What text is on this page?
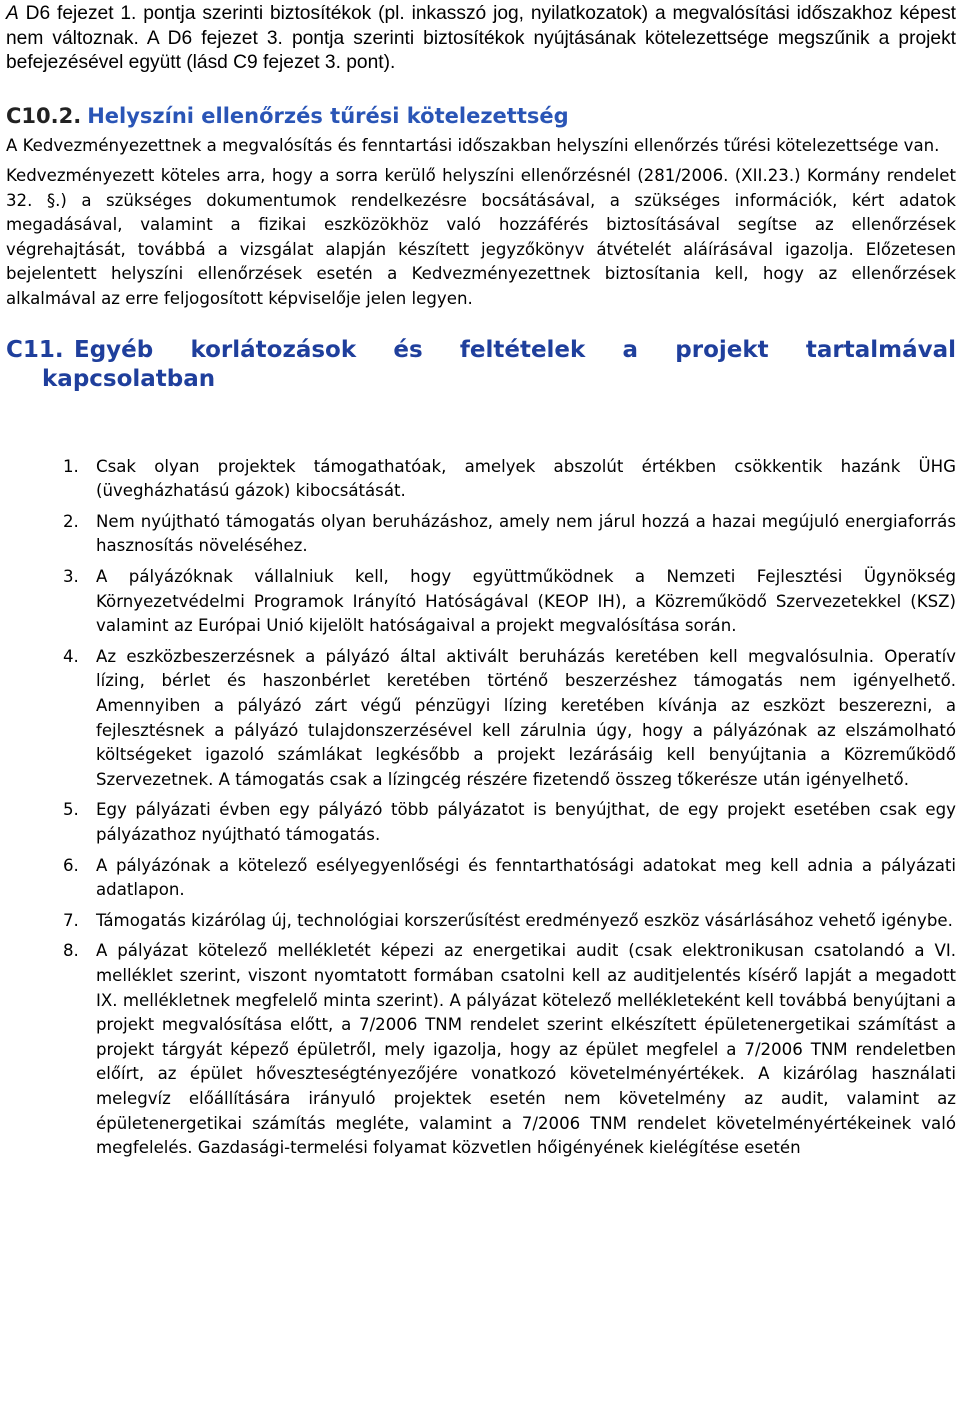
A D6 fejezet 1. pontja szerinti biztosítékok (pl. inkasszó jog, nyilatkozatok) a megvalósítási időszakhoz képest nem változnak. A D6 fejezet 3. pontja szerinti biztosítékok nyújtásának kötelezettsége megszűnik a projekt befejezésével együtt (lásd C9 fejezet 3. pont).

C10.2. Helyszíni ellenőrzés tűrési kötelezettség

A Kedvezményezettnek a megvalósítás és fenntartási időszakban helyszíni ellenőrzés tűrési kötelezettsége van.

Kedvezményezett köteles arra, hogy a sorra kerülő helyszíni ellenőrzésnél (281/2006. (XII.23.) Kormány rendelet 32. §.) a szükséges dokumentumok rendelkezésre bocsátásával, a szükséges információk, kért adatok megadásával, valamint a fizikai eszközökhöz való hozzáférés biztosításával segítse az ellenőrzések végrehajtását, továbbá a vizsgálat alapján készített jegyzőkönyv átvételét aláírásával igazolja. Előzetesen bejelentett helyszíni ellenőrzések esetén a Kedvezményezettnek biztosítania kell, hogy az ellenőrzések alkalmával az erre feljogosított képviselője jelen legyen.

C11. Egyéb korlátozások és feltételek a projekt tartalmával
kapcsolatban
1. Csak olyan projektek támogathatóak, amelyek abszolút értékben csökkentik hazánk ÜHG (üvegházhatású gázok) kibocsátását.
2. Nem nyújtható támogatás olyan beruházáshoz, amely nem járul hozzá a hazai megújuló energiaforrás hasznosítás növeléséhez.
3. A pályázóknak vállalniuk kell, hogy együttműködnek a Nemzeti Fejlesztési Ügynökség Környezetvédelmi Programok Irányító Hatóságával (KEOP IH), a Közreműködő Szervezetekkel (KSZ) valamint az Európai Unió kijelölt hatóságaival a projekt megvalósítása során.
4. Az eszközbeszerzésnek a pályázó által aktivált beruházás keretében kell megvalósulnia. Operatív lízing, bérlet és haszonbérlet keretében történő beszerzéshez támogatás nem igényelhető. Amennyiben a pályázó zárt végű pénzügyi lízing keretében kívánja az eszközt beszerezni, a fejlesztésnek a pályázó tulajdonszerzésével kell zárulnia úgy, hogy a pályázónak az elszámolható költségeket igazoló számlákat legkésőbb a projekt lezárásáig kell benyújtania a Közreműködő Szervezetnek. A támogatás csak a lízingcég részére fizetendő összeg tőkerésze után igényelhető.
5. Egy pályázati évben egy pályázó több pályázatot is benyújthat, de egy projekt esetében csak egy pályázathoz nyújtható támogatás.
6. A pályázónak a kötelező esélyegyenlőségi és fenntarthatósági adatokat meg kell adnia a pályázati adatlapon.
7. Támogatás kizárólag új, technológiai korszerűsítést eredményező eszköz vásárlásához vehető igénybe.
8. A pályázat kötelező mellékletét képezi az energetikai audit (csak elektronikusan csatolandó a VI. melléklet szerint, viszont nyomtatott formában csatolni kell az auditjelentés kísérő lapját a megadott IX. mellékletnek megfelelő minta szerint). A pályázat kötelező mellékleteként kell továbbá benyújtani a projekt megvalósítása előtt, a 7/2006 TNM rendelet szerint elkészített épületenergetikai számítást a projekt tárgyát képező épületről, mely igazolja, hogy az épület megfelel a 7/2006 TNM rendeletben előírt, az épület hőveszteségtényezőjére vonatkozó követelményértékek. A kizárólag használati melegvíz előállítására irányuló projektek esetén nem követelmény az audit, valamint az épületenergetikai számítás megléte, valamint a 7/2006 TNM rendelet követelményértékeinek való megfelelés. Gazdasági-termelési folyamat közvetlen hőigényének kielégítése esetén
